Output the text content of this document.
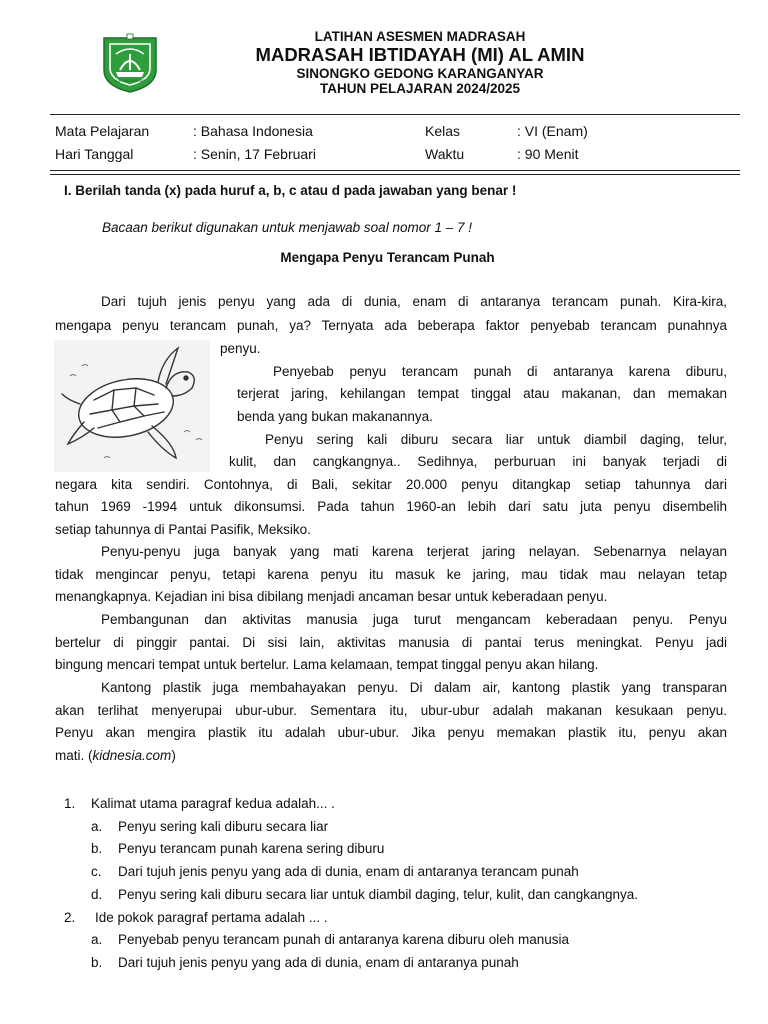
KARANGANYAR
LATIHAN ASESMEN MADRASAH
MADRASAH IBTIDAYAH (MI) AL AMIN
SINONGKO GEDONG KARANGANYAR
TAHUN PELAJARAN 2024/2025
Mata Pelajaran	: Bahasa Indonesia	Kelas	: VI (Enam)
Hari Tanggal	: Senin, 17 Februari	Waktu	: 90 Menit
I. Berilah tanda (x) pada huruf a, b, c atau d pada jawaban yang benar !
Bacaan berikut digunakan untuk menjawab soal nomor 1 – 7 !
Mengapa Penyu Terancam Punah
Dari tujuh jenis penyu yang ada di dunia, enam di antaranya terancam punah. Kira-kira,
mengapa penyu terancam punah, ya? Ternyata ada beberapa faktor penyebab terancam punahnya
penyu.
Penyebab penyu terancam punah di antaranya karena diburu,
terjerat jaring, kehilangan tempat tinggal atau makanan, dan memakan
benda yang bukan makanannya.
Penyu sering kali diburu secara liar untuk diambil daging, telur,
kulit, dan cangkangnya.. Sedihnya, perburuan ini banyak terjadi di
negara kita sendiri. Contohnya, di Bali, sekitar 20.000 penyu ditangkap setiap tahunnya dari
tahun 1969 -1994 untuk dikonsumsi. Pada tahun 1960-an lebih dari satu juta penyu disembelih
setiap tahunnya di Pantai Pasifik, Meksiko.
Penyu-penyu juga banyak yang mati karena terjerat jaring nelayan. Sebenarnya nelayan
tidak mengincar penyu, tetapi karena penyu itu masuk ke jaring, mau tidak mau nelayan tetap
menangkapnya. Kejadian ini bisa dibilang menjadi ancaman besar untuk keberadaan penyu.
Pembangunan dan aktivitas manusia juga turut mengancam keberadaan penyu. Penyu
bertelur di pinggir pantai. Di sisi lain, aktivitas manusia di pantai terus meningkat. Penyu jadi
bingung mencari tempat untuk bertelur. Lama kelamaan, tempat tinggal penyu akan hilang.
Kantong plastik juga membahayakan penyu. Di dalam air, kantong plastik yang transparan
akan terlihat menyerupai ubur-ubur. Sementara itu, ubur-ubur adalah makanan kesukaan penyu.
Penyu akan mengira plastik itu adalah ubur-ubur. Jika penyu memakan plastik itu, penyu akan
mati. (kidnesia.com)
1. Kalimat utama paragraf kedua adalah... .
a. Penyu sering kali diburu secara liar
b. Penyu terancam punah karena sering diburu
c. Dari tujuh jenis penyu yang ada di dunia, enam di antaranya terancam punah
d. Penyu sering kali diburu secara liar untuk diambil daging, telur, kulit, dan cangkangnya.
2. Ide pokok paragraf pertama adalah ... .
a. Penyebab penyu terancam punah di antaranya karena diburu oleh manusia
b. Dari tujuh jenis penyu yang ada di dunia, enam di antaranya punah
